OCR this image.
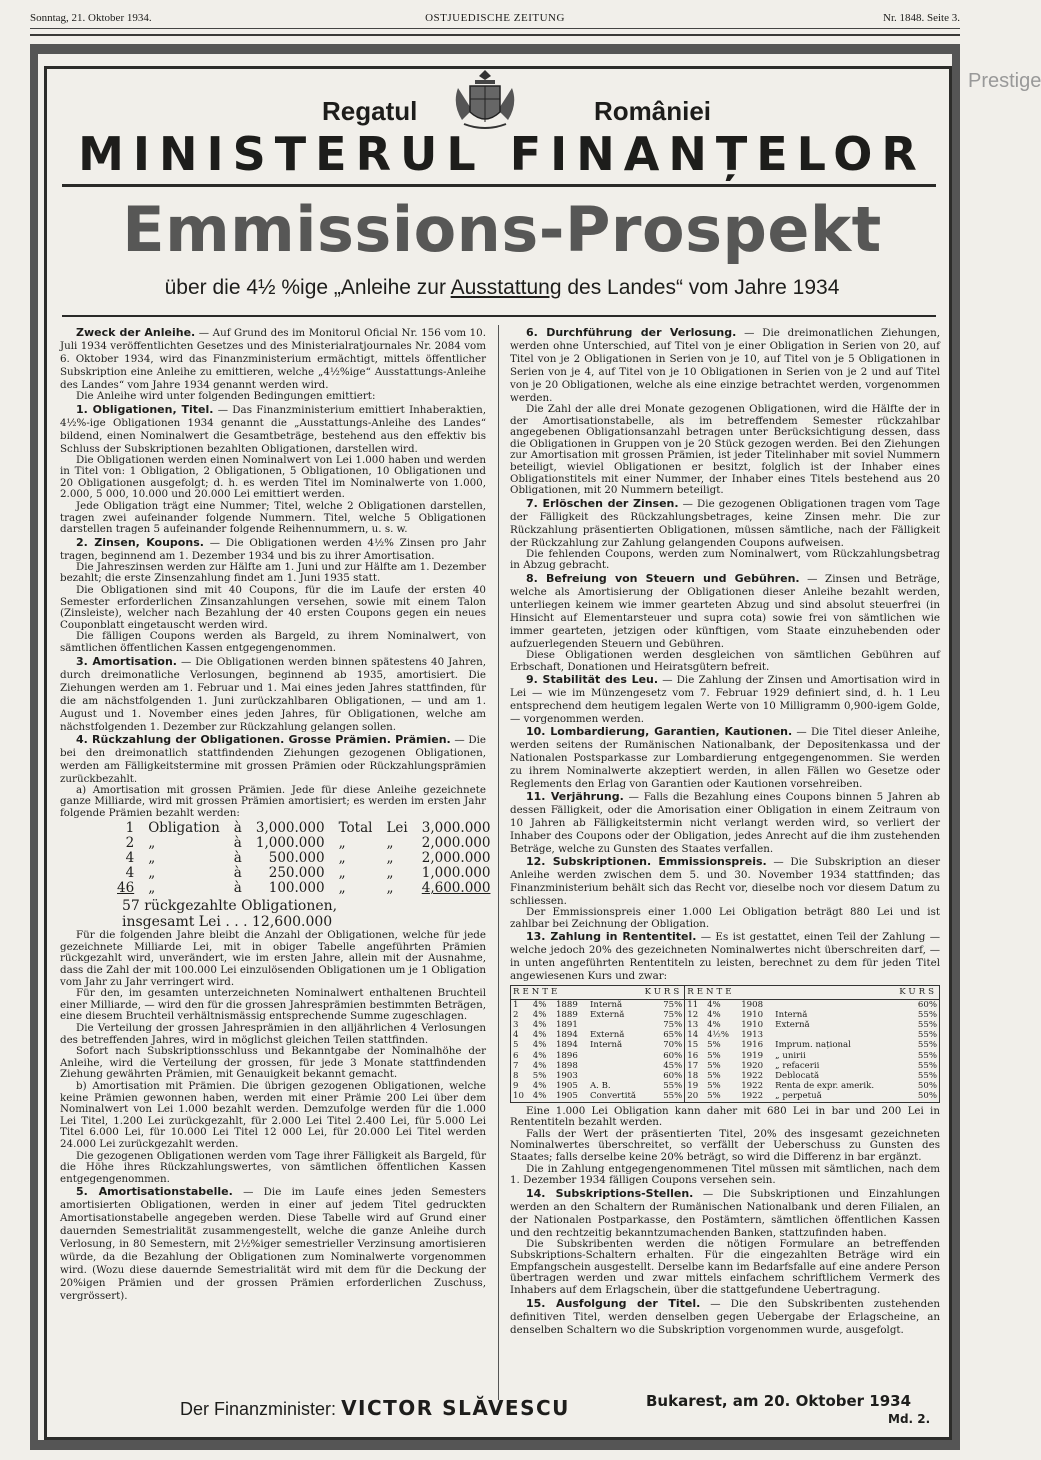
Sonntag, 21. Oktober 1934.	OSTJUEDISCHE ZEITUNG	Nr. 1848. Seite 3.
Prestige
Regatul	României
MINISTERUL FINANȚELOR
Emmissions-Prospekt
über die 4½ %ige „Anleihe zur Ausstattung des Landes“ vom Jahre 1934
Zweck der Anleihe. — Auf Grund des im Monitorul Oficial Nr. 156 vom 10. Juli 1934 veröffentlichten Gesetzes und des Ministerialratjournales Nr. 2084 vom 6. Oktober 1934, wird das Finanzministerium ermächtigt, mittels öffentlicher Subskription eine Anleihe zu emittieren, welche „4½%ige“ Ausstattungs-Anleihe des Landes“ vom Jahre 1934 genannt werden wird.

Die Anleihe wird unter folgenden Bedingungen emittiert:

1. Obligationen, Titel. — Das Finanzministerium emittiert Inhaberaktien, 4½%-ige Obligationen 1934 genannt die „Ausstattungs-Anleihe des Landes“ bildend, einen Nominalwert die Gesamtbeträge, bestehend aus den effektiv bis Schluss der Subskriptionen bezahlten Obligationen, darstellen wird.

Die Obligationen werden einen Nominalwert von Lei 1.000 haben und werden in Titel von: 1 Obligation, 2 Obligationen, 5 Obligationen, 10 Obligationen und 20 Obligationen ausgefolgt; d. h. es werden Titel im Nominalwerte von 1.000, 2.000, 5 000, 10.000 und 20.000 Lei emittiert werden.

Jede Obligation trägt eine Nummer; Titel, welche 2 Obligationen darstellen, tragen zwei aufeinander folgende Nummern. Titel, welche 5 Obligationen darstellen tragen 5 aufeinander folgende Reihennummern, u. s. w.

2. Zinsen, Koupons. — Die Obligationen werden 4½% Zinsen pro Jahr tragen, beginnend am 1. Dezember 1934 und bis zu ihrer Amortisation.

Die Jahreszinsen werden zur Hälfte am 1. Juni und zur Hälfte am 1. Dezember bezahlt; die erste Zinsenzahlung findet am 1. Juni 1935 statt.

Die Obligationen sind mit 40 Coupons, für die im Laufe der ersten 40 Semester erforderlichen Zinsanzahlungen versehen, sowie mit einem Talon (Zinsleiste), welcher nach Bezahlung der 40 ersten Coupons gegen ein neues Couponblatt eingetauscht werden wird.

Die fälligen Coupons werden als Bargeld, zu ihrem Nominalwert, von sämtlichen öffentlichen Kassen entgegengenommen.

3. Amortisation. — Die Obligationen werden binnen spätestens 40 Jahren, durch dreimonatliche Verlosungen, beginnend ab 1935, amortisiert. Die Ziehungen werden am 1. Februar und 1. Mai eines jeden Jahres stattfinden, für die am nächstfolgenden 1. Juni zurückzahlbaren Obligationen, — und am 1. August und 1. November eines jeden Jahres, für Obligationen, welche am nächstfolgenden 1. Dezember zur Rückzahlung gelangen sollen.
4. Rückzahlung der Obligationen. Grosse Prämien. Prämien. — Die bei den dreimonatlich stattfindenden Ziehungen gezogenen Obligationen, werden am Fälligkeitstermine mit grossen Prämien oder Rückzahlungsprämien zurückbezahlt.

a) Amortisation mit grossen Prämien. Jede für diese Anleihe gezeichnete ganze Milliarde, wird mit grossen Prämien amortisiert; es werden im ersten Jahr folgende Prämien bezahlt werden:

1	Obligation	à	3,000.000	Total	Lei	3,000.000
2	„	à	1,000.000	„	„	2,000.000
4	„	à	500.000	„	„	2,000.000
4	„	à	250.000	„	„	1,000.000
46	„	à	100.000	„	„	4,600.000
57 rückgezahlte Obligationen,
insgesamt Lei . . . 12,600.000

Für die folgenden Jahre bleibt die Anzahl der Obligationen, welche für jede gezeichnete Milliarde Lei, mit in obiger Tabelle angeführten Prämien rückgezahlt wird, unverändert, wie im ersten Jahre, allein mit der Ausnahme, dass die Zahl der mit 100.000 Lei einzulösenden Obligationen um je 1 Obligation vom Jahr zu Jahr verringert wird.

Für den, im gesamten unterzeichneten Nominalwert enthaltenen Bruchteil einer Milliarde, — wird den für die grossen Jahresprämien bestimmten Beträgen, eine diesem Bruchteil verhältnismässig entsprechende Summe zugeschlagen.

Die Verteilung der grossen Jahresprämien in den alljährlichen 4 Verlosungen des betreffenden Jahres, wird in möglichst gleichen Teilen stattfinden.

Sofort nach Subskriptionsschluss und Bekanntgabe der Nominalhöhe der Anleihe, wird die Verteilung der grossen, für jede 3 Monate stattfindenden Ziehung gewährten Prämien, mit Genauigkeit bekannt gemacht.

b) Amortisation mit Prämien. Die übrigen gezogenen Obligationen, welche keine Prämien gewonnen haben, werden mit einer Prämie 200 Lei über dem Nominalwert von Lei 1.000 bezahlt werden. Demzufolge werden für die 1.000 Lei Titel, 1.200 Lei zurückgezahlt, für 2.000 Lei Titel 2.400 Lei, für 5.000 Lei Titel 6.000 Lei, für 10.000 Lei Titel 12 000 Lei, für 20.000 Lei Titel werden 24.000 Lei zurückgezahlt werden.

Die gezogenen Obligationen werden vom Tage ihrer Fälligkeit als Bargeld, für die Höhe ihres Rückzahlungswertes, von sämtlichen öffentlichen Kassen entgegengenommen.

5. Amortisationstabelle. — Die im Laufe eines jeden Semesters amortisierten Obligationen, werden in einer auf jedem Titel gedruckten Amortisationstabelle angegeben werden. Diese Tabelle wird auf Grund einer dauernden Semestrialität zusammengestellt, welche die ganze Anleihe durch Verlosung, in 80 Semestern, mit 2½%iger semestrieller Verzinsung amortisieren würde, da die Bezahlung der Obligationen zum Nominalwerte vorgenommen wird. (Wozu diese dauernde Semestrialität wird mit dem für die Deckung der 20%igen Prämien und der grossen Prämien erforderlichen Zuschuss, vergrössert).
6. Durchführung der Verlosung. — Die dreimonatlichen Ziehungen, werden ohne Unterschied, auf Titel von je einer Obligation in Serien von 20, auf Titel von je 2 Obligationen in Serien von je 10, auf Titel von je 5 Obligationen in Serien von je 4, auf Titel von je 10 Obligationen in Serien von je 2 und auf Titel von je 20 Obligationen, welche als eine einzige betrachtet werden, vorgenommen werden.

Die Zahl der alle drei Monate gezogenen Obligationen, wird die Hälfte der in der Amortisationstabelle, als im betreffendem Semester rückzahlbar angegebenen Obligationsanzahl betragen unter Berücksichtigung dessen, dass die Obligationen in Gruppen von je 20 Stück gezogen werden. Bei den Ziehungen zur Amortisation mit grossen Prämien, ist jeder Titelinhaber mit soviel Nummern beteiligt, wieviel Obligationen er besitzt, folglich ist der Inhaber eines Obligationstitels mit einer Nummer, der Inhaber eines Titels bestehend aus 20 Obligationen, mit 20 Nummern beteiligt.

7. Erlöschen der Zinsen. — Die gezogenen Obligationen tragen vom Tage der Fälligkeit des Rückzahlungsbetrages, keine Zinsen mehr. Die zur Rückzahlung präsentierten Obligationen, müssen sämtliche, nach der Fälligkeit der Rückzahlung zur Zahlung gelangenden Coupons aufweisen.

Die fehlenden Coupons, werden zum Nominalwert, vom Rückzahlungsbetrag in Abzug gebracht.

8. Befreiung von Steuern und Gebühren. — Zinsen und Beträge, welche als Amortisierung der Obligationen dieser Anleihe bezahlt werden, unterliegen keinem wie immer gearteten Abzug und sind absolut steuerfrei (in Hinsicht auf Elementarsteuer und supra cota) sowie frei von sämtlichen wie immer gearteten, jetzigen oder künftigen, vom Staate einzuhebenden oder aufzuerlegenden Steuern und Gebühren.

Diese Obligationen werden desgleichen von sämtlichen Gebühren auf Erbschaft, Donationen und Heiratsgütern befreit.

9. Stabilität des Leu. — Die Zahlung der Zinsen und Amortisation wird in Lei — wie im Münzengesetz vom 7. Februar 1929 definiert sind, d. h. 1 Leu entsprechend dem heutigem legalen Werte von 10 Milligramm 0,900-igem Golde, — vorgenommen werden.
10. Lombardierung, Garantien, Kautionen. — Die Titel dieser Anleihe, werden seitens der Rumänischen Nationalbank, der Depositenkassa und der Nationalen Postsparkasse zur Lombardierung entgegengenommen. Sie werden zu ihrem Nominalwerte akzeptiert werden, in allen Fällen wo Gesetze oder Reglements den Erlag von Garantien oder Kautionen vorsehreiben.
11. Verjährung. — Falls die Bezahlung eines Coupons binnen 5 Jahren ab dessen Fälligkeit, oder die Amorisation einer Obligation in einem Zeitraum von 10 Jahren ab Fälligkeitstermin nicht verlangt werden wird, so verliert der Inhaber des Coupons oder der Obligation, jedes Anrecht auf die ihm zustehenden Beträge, welche zu Gunsten des Staates verfallen.
12. Subskriptionen. Emmissionspreis. — Die Subskription an dieser Anleihe werden zwischen dem 5. und 30. November 1934 stattfinden; das Finanzministerium behält sich das Recht vor, dieselbe noch vor diesem Datum zu schliessen.

Der Emmissionspreis einer 1.000 Lei Obligation beträgt 880 Lei und ist zahlbar bei Zeichnung der Obligation.

13. Zahlung in Rententitel. — Es ist gestattet, einen Teil der Zahlung — welche jedoch 20% des gezeichneten Nominalwertes nicht überschreiten darf, — in unten angeführten Rententiteln zu leisten, berechnet zu dem für jeden Titel angewiesenen Kurs und zwar:
RENTE KURS					RENTE KURS				

1	4%	1889	Internă	75%	11	4%	1908		60%
2	4%	1889	Externă	75%	12	4%	1910	Internă	55%
3	4%	1891		75%	13	4%	1910	Externă	55%
4	4%	1894	Externă	65%	14	4½%	1913		55%
5	4%	1894	Internă	70%	15	5%	1916	Imprum. național	55%
6	4%	1896		60%	16	5%	1919	„ unirii	55%
7	4%	1898		45%	17	5%	1920	„ refacerii	55%
8	5%	1903		60%	18	5%	1922	Deblocată	55%
9	4%	1905	A. B.	55%	19	5%	1922	Renta de expr. amerik.	50%
10	4%	1905	Convertită	55%	20	5%	1922	„ perpetuă	50%

Eine 1.000 Lei Obligation kann daher mit 680 Lei in bar und 200 Lei in Rententiteln bezahlt werden.

Falls der Wert der präsentierten Titel, 20% des insgesamt gezeichneten Nominalwertes überschreitet, so verfällt der Ueberschuss zu Gunsten des Staates; falls derselbe keine 20% beträgt, so wird die Differenz in bar ergänzt.

Die in Zahlung entgegengenommenen Titel müssen mit sämtlichen, nach dem 1. Dezember 1934 fälligen Coupons versehen sein.

14. Subskriptions-Stellen. — Die Subskriptionen und Einzahlungen werden an den Schaltern der Rumänischen Nationalbank und deren Filialen, an der Nationalen Postparkasse, den Postämtern, sämtlichen öffentlichen Kassen und den rechtzeitig bekanntzumachenden Banken, stattzufinden haben.

Die Subskribenten werden die nötigen Formulare an betreffenden Subskriptions-Schaltern erhalten. Für die eingezahlten Beträge wird ein Empfangschein ausgestellt. Derselbe kann im Bedarfsfalle auf eine andere Person übertragen werden und zwar mittels einfachem schriftlichem Vermerk des Inhabers auf dem Erlagschein, über die stattgefundene Uebertragung.

15. Ausfolgung der Titel. — Die den Subskribenten zustehenden definitiven Titel, werden denselben gegen Uebergabe der Erlagscheine, an denselben Schaltern wo die Subskription vorgenommen wurde, ausgefolgt.
Der Finanzminister: VICTOR SLĂVESCU	Bukarest, am 20. Oktober 1934
Md. 2.
